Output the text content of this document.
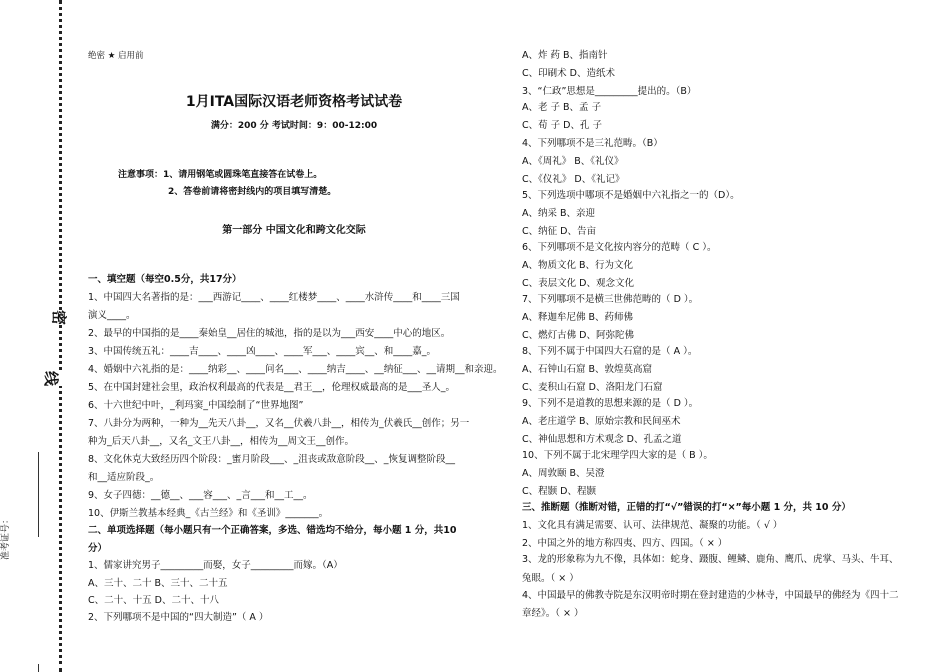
密
线
准考证号：
绝密 ★ 启用前
1月ITA国际汉语老师资格考试试卷
满分：200 分 考试时间：9：00-12:00
注意事项：1、请用钢笔或圆珠笔直接答在试卷上。
2、答卷前请将密封线内的项目填写清楚。
第一部分 中国文化和跨文化交际
一、填空题（每空0.5分，共17分）
1、中国四大名著指的是：___西游记____、____红楼梦____、____水浒传____和____三国
演义____。
2、最早的中国指的是____秦始皇__居住的城池，指的是以为___西安____中心的地区。
3、中国传统五礼：____吉____、____凶____、____军___、____宾__、和____嘉_。
4、婚姻中六礼指的是：____纳彩__、____问名___、____纳吉____、__纳征___、__请期__和亲迎。
5、在中国封建社会里，政治权利最高的代表是__君王__，伦理权威最高的是___圣人_。
6、十六世纪中叶，_利玛窦_中国绘制了“世界地图”
7、八卦分为两种，一种为__先天八卦__，又名__伏羲八卦__，相传为_伏羲氏__创作；另一
种为_后天八卦__，又名_文王八卦__，相传为__周文王__创作。
8、文化休克大致经历四个阶段：_蜜月阶段___、_沮丧或敌意阶段__、_恢复调整阶段__
和__适应阶段_。
9、女子四德：__德__、___容___、_言___和__工__。
10、伊斯兰教基本经典_《古兰经》和《圣训》_______。
二、单项选择题（每小题只有一个正确答案，多选、错选均不给分，每小题 1 分，共10
分）
1、儒家讲究男子_________而娶，女子_________而嫁。（A）
A、三十、二十 B、三十、二十五
C、二十、十五 D、二十、十八
2、下列哪项不是中国的“四大制造”（ A ）
A、炸 药 B、指南针
C、印刷术 D、造纸术
3、“仁政”思想是_________提出的。（B）
A、老 子 B、孟 子
C、荀 子 D、孔 子
4、下列哪项不是三礼范畴。（B）
A、《周礼》 B、《礼仪》
C、《仪礼》 D、《礼记》
5、下列选项中哪项不是婚姻中六礼指之一的（D）。
A、纳采 B、亲迎
C、纳征 D、告亩
6、下列哪项不是文化按内容分的范畴（ C ）。
A、物质文化 B、行为文化
C、表层文化 D、观念文化
7、下列哪项不是横三世佛范畴的（ D ）。
A、释迦牟尼佛 B、药师佛
C、燃灯古佛 D、阿弥陀佛
8、下列不属于中国四大石窟的是（ A ）。
A、石钟山石窟 B、敦煌莫高窟
C、麦积山石窟 D、洛阳龙门石窟
9、下列不是道教的思想来源的是（ D ）。
A、老庄道学 B、原始宗教和民间巫术
C、神仙思想和方术观念 D、孔孟之道
10、下列不属于北宋理学四大家的是（ B ）。
A、周敦颐 B、吴澄
C、程颢 D、程颢
三、推断题（推断对错，正错的打“√”错误的打“×”每小题 1 分，共 10 分）
1、文化具有满足需要、认可、法律规范、凝聚的功能。（ √ ）
2、中国之外的地方称四夷、四方、四国。（ × ）
3、龙的形象称为九不像，具体如：蛇身、蹑腹、鲤鳞、鹿角、鹰爪、虎掌、马头、牛耳、
兔眼。（ × ）
4、中国最早的佛教寺院是东汉明帝时期在登封建造的少林寺，中国最早的佛经为《四十二
章经》。（ × ）
